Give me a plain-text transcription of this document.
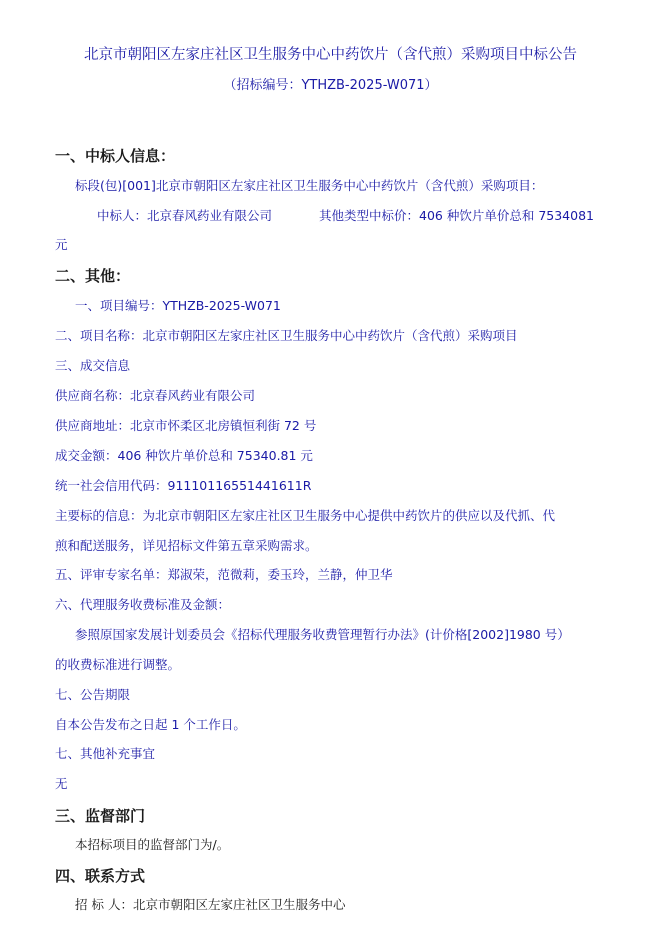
北京市朝阳区左家庄社区卫生服务中心中药饮片（含代煎）采购项目中标公告
（招标编号：YTHZB-2025-W071）
一、中标人信息：
标段(包)[001]北京市朝阳区左家庄社区卫生服务中心中药饮片（含代煎）采购项目：
中标人：北京春风药业有限公司	其他类型中标价：406 种饮片单价总和 7534081
元
二、其他：
一、项目编号：YTHZB-2025-W071
二、项目名称：北京市朝阳区左家庄社区卫生服务中心中药饮片（含代煎）采购项目
三、成交信息
供应商名称：北京春风药业有限公司
供应商地址：北京市怀柔区北房镇恒利街 72 号
成交金额：406 种饮片单价总和 75340.81 元
统一社会信用代码：91110116551441611R
主要标的信息：为北京市朝阳区左家庄社区卫生服务中心提供中药饮片的供应以及代抓、代
煎和配送服务，详见招标文件第五章采购需求。
五、评审专家名单：郑淑荣，范微莉，委玉玲，兰静，仲卫华
六、代理服务收费标准及金额：
参照原国家发展计划委员会《招标代理服务收费管理暂行办法》(计价格[2002]1980 号）
的收费标准进行调整。
七、公告期限
自本公告发布之日起 1 个工作日。
七、其他补充事宜
无
三、监督部门
本招标项目的监督部门为/。
四、联系方式
招 标 人：北京市朝阳区左家庄社区卫生服务中心
